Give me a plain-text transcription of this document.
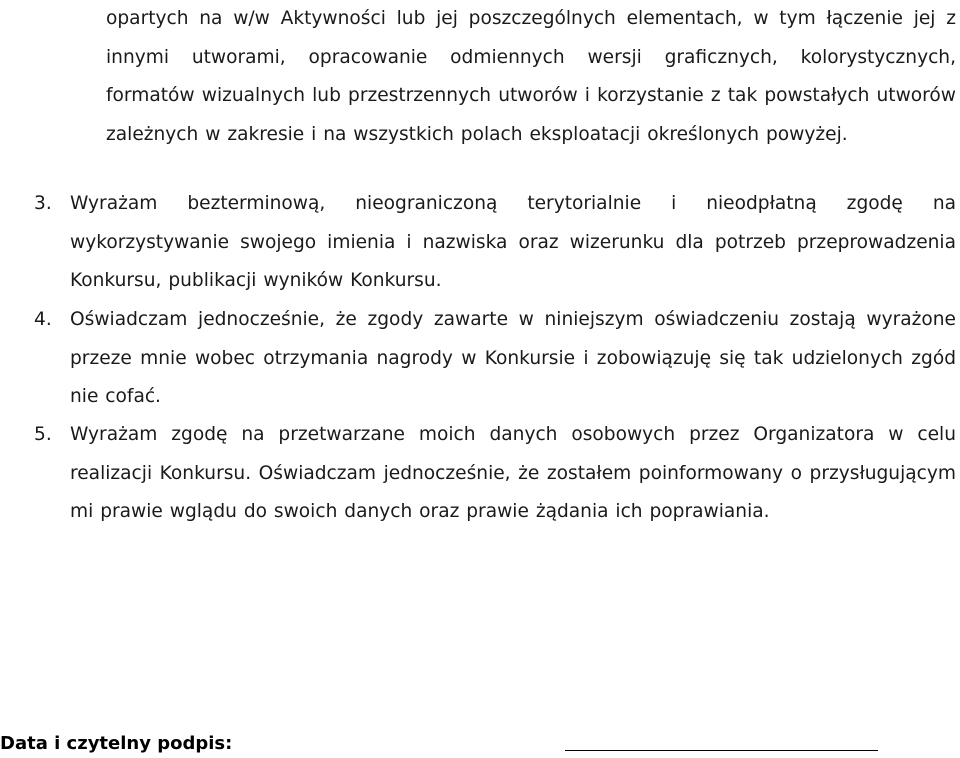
opartych na w/w Aktywności lub jej poszczególnych elementach, w tym łączenie jej z innymi utworami, opracowanie odmiennych wersji graficznych, kolorystycznych, formatów wizualnych lub przestrzennych utworów i korzystanie z tak powstałych utworów zależnych w zakresie i na wszystkich polach eksploatacji określonych powyżej.
3. Wyrażam bezterminową, nieograniczoną terytorialnie i nieodpłatną zgodę na wykorzystywanie swojego imienia i nazwiska oraz wizerunku dla potrzeb przeprowadzenia Konkursu, publikacji wyników Konkursu.
4. Oświadczam jednocześnie, że zgody zawarte w niniejszym oświadczeniu zostają wyrażone przeze mnie wobec otrzymania nagrody w Konkursie i zobowiązuję się tak udzielonych zgód nie cofać.
5. Wyrażam zgodę na przetwarzane moich danych osobowych przez Organizatora w celu realizacji Konkursu. Oświadczam jednocześnie, że zostałem poinformowany o przysługującym mi prawie wglądu do swoich danych oraz prawie żądania ich poprawiania.
Data i czytelny podpis:
